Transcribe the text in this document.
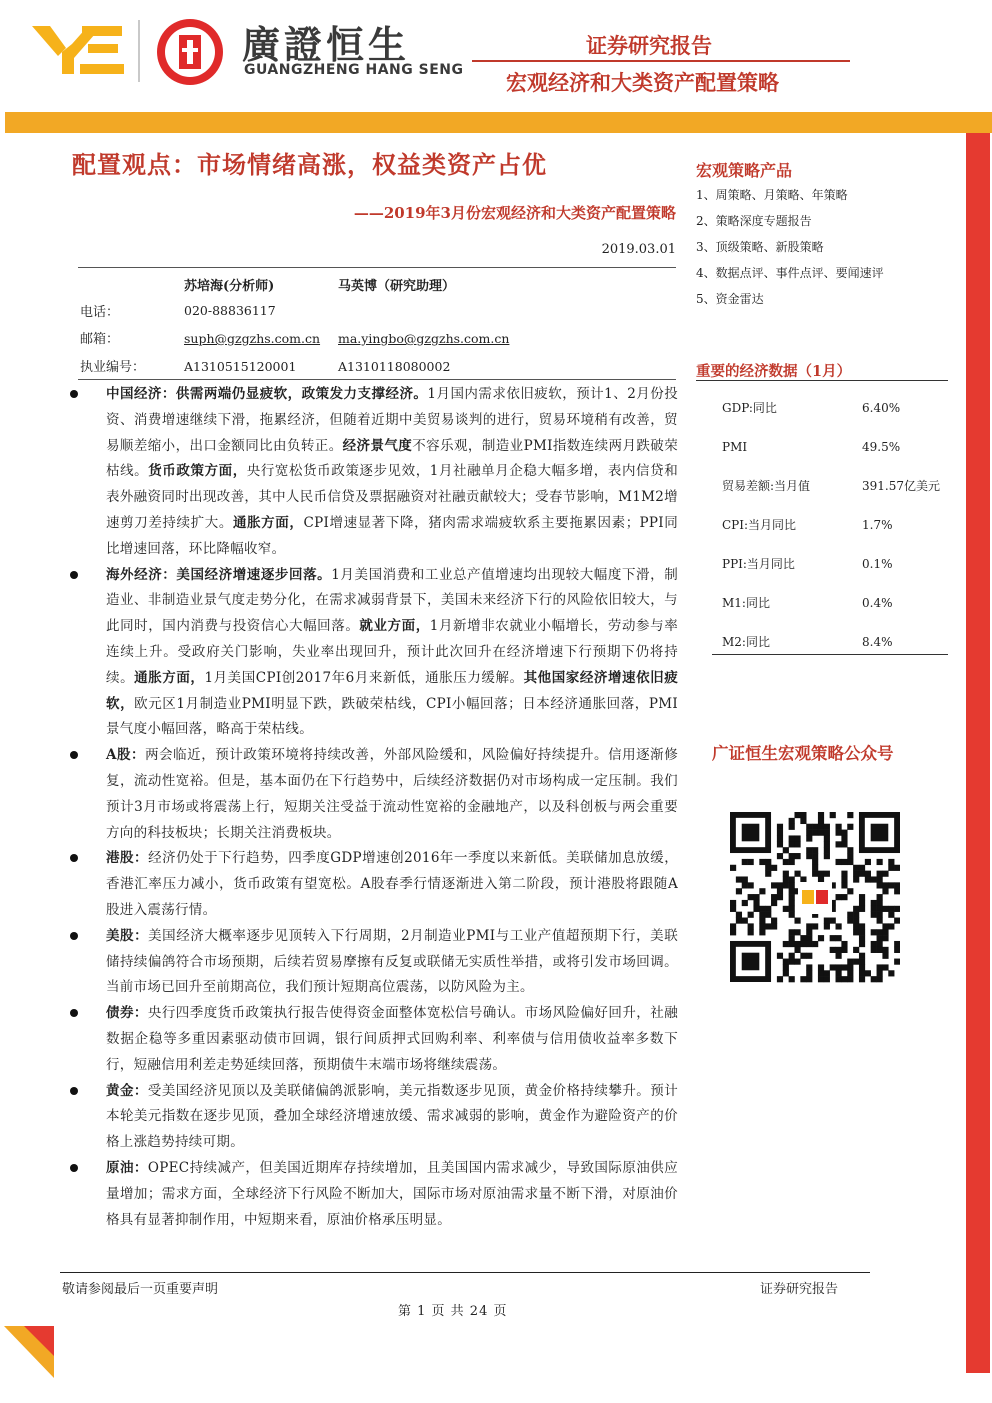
廣證恒生
GUANGZHENG HANG SENG
证券研究报告
宏观经济和大类资产配置策略
配置观点：市场情绪高涨，权益类资产占优
——2019年3月份宏观经济和大类资产配置策略
2019.03.01
苏培海(分析师)	马英博（研究助理）
电话：	020-88836117
邮箱：	suph@gzgzhs.com.cn ma.yingbo@gzgzhs.com.cn
执业编号：	A1310515120001	A1310118080002

中国经济：供需两端仍显疲软，政策发力支撑经济。1月国内需求依旧疲软，预计1、2月份投资、消费增速继续下滑，拖累经济，但随着近期中美贸易谈判的进行，贸易环境稍有改善，贸易顺差缩小，出口金额同比由负转正。经济景气度不容乐观，制造业PMI指数连续两月跌破荣枯线。货币政策方面，央行宽松货币政策逐步见效，1月社融单月企稳大幅多增，表内信贷和表外融资同时出现改善，其中人民币信贷及票据融资对社融贡献较大；受春节影响，M1M2增速剪刀差持续扩大。通胀方面，CPI增速显著下降，猪肉需求端疲软系主要拖累因素；PPI同比增速回落，环比降幅收窄。

海外经济：美国经济增速逐步回落。1月美国消费和工业总产值增速均出现较大幅度下滑，制造业、非制造业景气度走势分化，在需求减弱背景下，美国未来经济下行的风险依旧较大，与此同时，国内消费与投资信心大幅回落。就业方面，1月新增非农就业小幅增长，劳动参与率连续上升。受政府关门影响，失业率出现回升，预计此次回升在经济增速下行预期下仍将持续。通胀方面，1月美国CPI创2017年6月来新低，通胀压力缓解。其他国家经济增速依旧疲软，欧元区1月制造业PMI明显下跌，跌破荣枯线，CPI小幅回落；日本经济通胀回落，PMI景气度小幅回落，略高于荣枯线。

A股：两会临近，预计政策环境将持续改善，外部风险缓和，风险偏好持续提升。信用逐渐修复，流动性宽裕。但是，基本面仍在下行趋势中，后续经济数据仍对市场构成一定压制。我们预计3月市场或将震荡上行，短期关注受益于流动性宽裕的金融地产，以及科创板与两会重要方向的科技板块；长期关注消费板块。

港股：经济仍处于下行趋势，四季度GDP增速创2016年一季度以来新低。美联储加息放缓，香港汇率压力减小，货币政策有望宽松。A股春季行情逐渐进入第二阶段，预计港股将跟随A股进入震荡行情。

美股：美国经济大概率逐步见顶转入下行周期，2月制造业PMI与工业产值超预期下行，美联储持续偏鸽符合市场预期，后续若贸易摩擦有反复或联储无实质性举措，或将引发市场回调。当前市场已回升至前期高位，我们预计短期高位震荡，以防风险为主。

债券：央行四季度货币政策执行报告使得资金面整体宽松信号确认。市场风险偏好回升，社融数据企稳等多重因素驱动债市回调，银行间质押式回购利率、利率债与信用债收益率多数下行，短融信用利差走势延续回落，预期债牛末端市场将继续震荡。

黄金：受美国经济见顶以及美联储偏鸽派影响，美元指数逐步见顶，黄金价格持续攀升。预计本轮美元指数在逐步见顶，叠加全球经济增速放缓、需求减弱的影响，黄金作为避险资产的价格上涨趋势持续可期。

原油：OPEC持续减产，但美国近期库存持续增加，且美国国内需求减少，导致国际原油供应量增加；需求方面，全球经济下行风险不断加大，国际市场对原油需求量不断下滑，对原油价格具有显著抑制作用，中短期来看，原油价格承压明显。

宏观策略产品
1、周策略、月策略、年策略
2、策略深度专题报告
3、顶级策略、新股策略
4、数据点评、事件点评、要闻速评
5、资金雷达
重要的经济数据（1月）
GDP:同比	6.40%
PMI	49.5%
贸易差额:当月值	391.57亿美元
CPI:当月同比	1.7%
PPI:当月同比	0.1%
M1:同比	0.4%
M2:同比	8.4%
广证恒生宏观策略公众号
敬请参阅最后一页重要声明	证券研究报告
第 1 页 共 24 页
